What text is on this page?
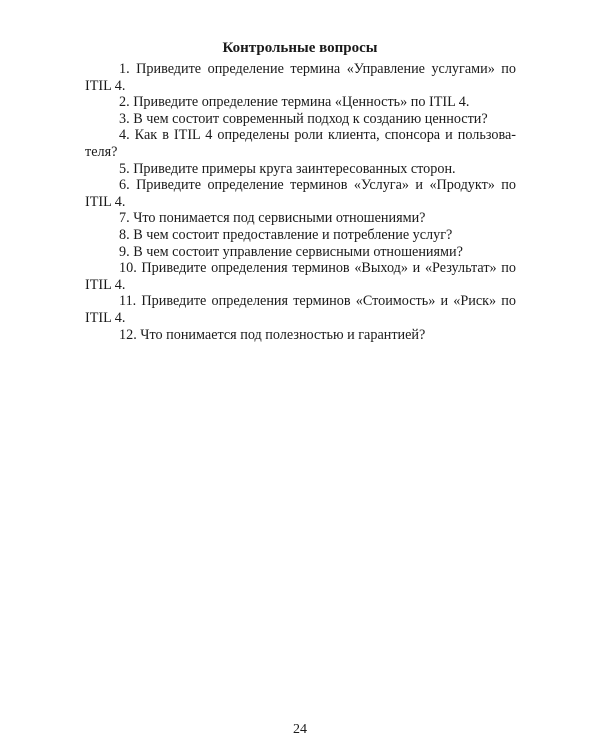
Контрольные вопросы

1. Приведите определение термина «Управление услугами» по ITIL 4.

2. Приведите определение термина «Ценность» по ITIL 4.

3. В чем состоит современный подход к созданию ценности?

4. Как в ITIL 4 определены роли клиента, спонсора и пользователя?

5. Приведите примеры круга заинтересованных сторон.

6. Приведите определение терминов «Услуга» и «Продукт» по ITIL 4.

7. Что понимается под сервисными отношениями?

8. В чем состоит предоставление и потребление услуг?

9. В чем состоит управление сервисными отношениями?

10. Приведите определения терминов «Выход» и «Результат» по ITIL 4.

11. Приведите определения терминов «Стоимость» и «Риск» по ITIL 4.

12. Что понимается под полезностью и гарантией?

24
